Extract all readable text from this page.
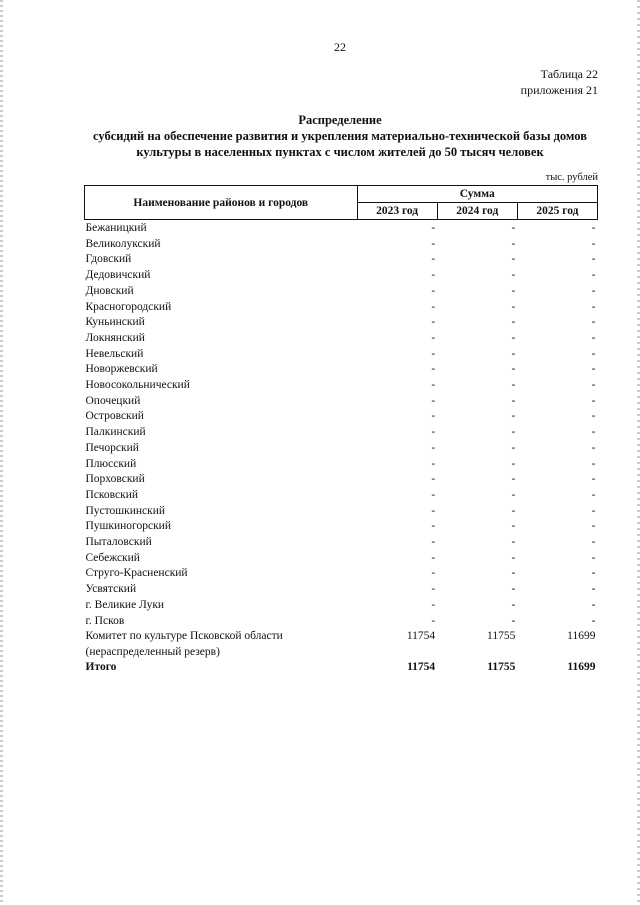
22
Таблица 22
приложения 21
Распределение
субсидий на обеспечение развития и укрепления материально-технической базы домов
культуры в населенных пунктах с числом жителей до 50 тысяч человек
тыс. рублей
Наименование районов и городов	Сумма		
	2023 год	2024 год	2025 год
Бежаницкий	-	-	-
Великолукский	-	-	-
Гдовский	-	-	-
Дедовичский	-	-	-
Дновский	-	-	-
Красногородский	-	-	-
Куньинский	-	-	-
Локнянский	-	-	-
Невельский	-	-	-
Новоржевский	-	-	-
Новосокольнический	-	-	-
Опочецкий	-	-	-
Островский	-	-	-
Палкинский	-	-	-
Печорский	-	-	-
Плюсский	-	-	-
Порховский	-	-	-
Псковский	-	-	-
Пустошкинский	-	-	-
Пушкиногорский	-	-	-
Пыталовский	-	-	-
Себежский	-	-	-
Струго-Красненский	-	-	-
Усвятский	-	-	-
г. Великие Луки	-	-	-
г. Псков	-	-	-

Комитет по культуре Псковской области
(нераспределенный резерв)	11754	11755	11699
Итого	11754	11755	11699
